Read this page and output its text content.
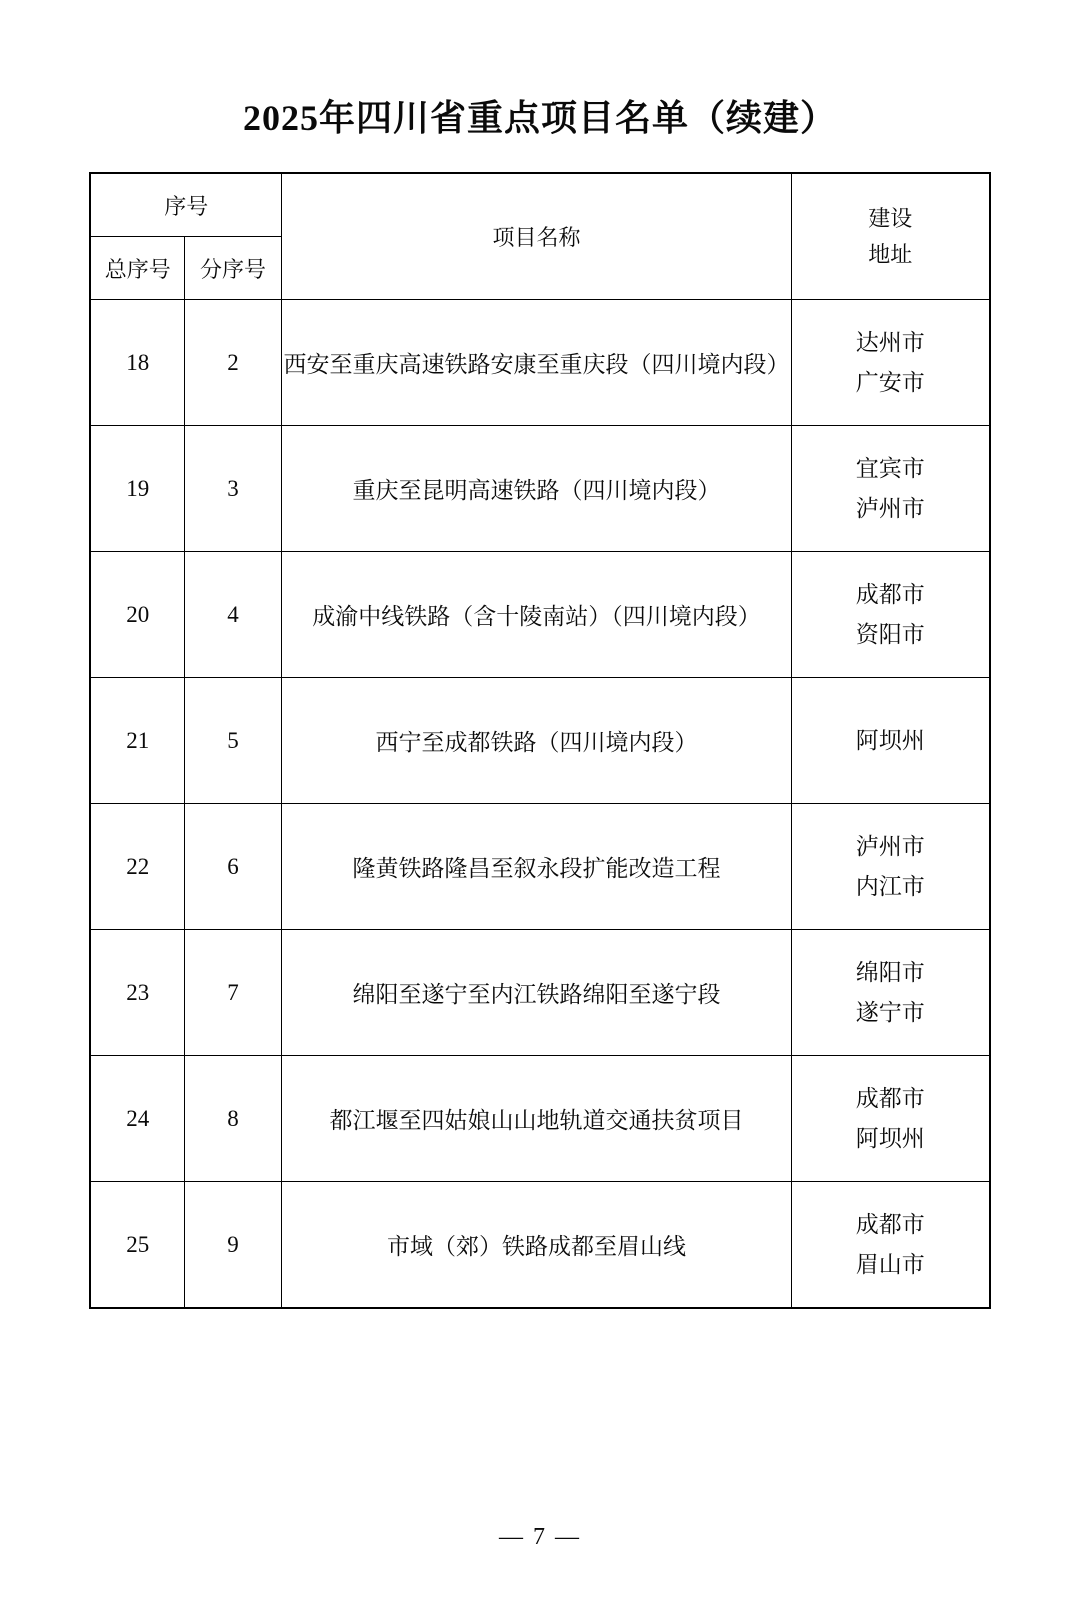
2025年四川省重点项目名单（续建）
序号		项目名称	建设
地址

总序号	分序号		
18	2	西安至重庆高速铁路安康至重庆段（四川境内段）	达州市
广安市

19	3	重庆至昆明高速铁路（四川境内段）	宜宾市
泸州市

20	4	成渝中线铁路（含十陵南站）（四川境内段）	成都市
资阳市

21	5	西宁至成都铁路（四川境内段）	阿坝州

22	6	隆黄铁路隆昌至叙永段扩能改造工程	泸州市
内江市

23	7	绵阳至遂宁至内江铁路绵阳至遂宁段	绵阳市
遂宁市

24	8	都江堰至四姑娘山山地轨道交通扶贫项目	成都市
阿坝州

25	9	市域（郊）铁路成都至眉山线	成都市
眉山市
— 7 —
